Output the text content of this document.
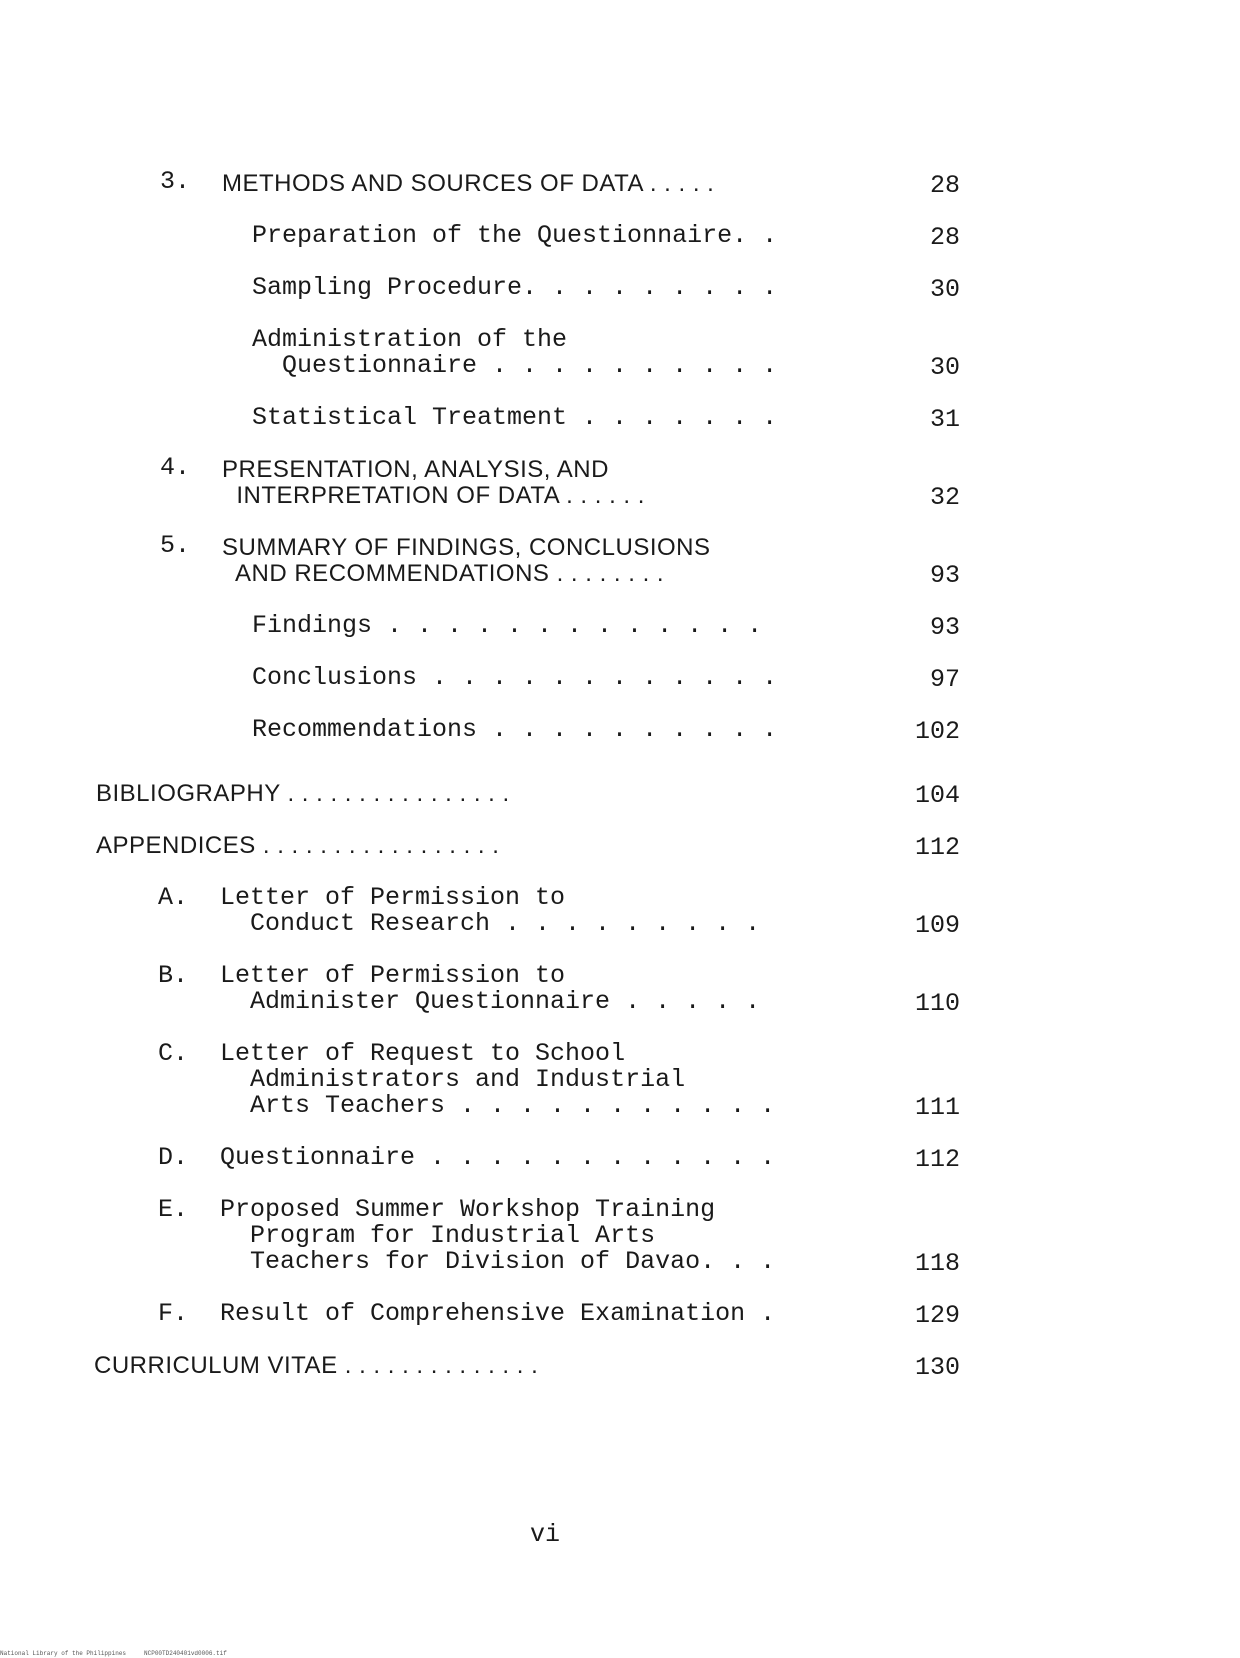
3. METHODS AND SOURCES OF DATA . . . . .	28
Preparation of the Questionnaire. .	28
Sampling Procedure. . . . . . . . .	30
Administration of the
Questionnaire . . . . . . . . . .	30
Statistical Treatment . . . . . . .	31
4. PRESENTATION, ANALYSIS, AND
INTERPRETATION OF DATA . . . . . .	32
5. SUMMARY OF FINDINGS, CONCLUSIONS
AND RECOMMENDATIONS . . . . . . . .	93
Findings . . . . . . . . . . . . .	93
Conclusions . . . . . . . . . . . .	97
Recommendations . . . . . . . . . .	102
BIBLIOGRAPHY . . . . . . . . . . . . . . . .	104
APPENDICES . . . . . . . . . . . . . . . . .	112
A. Letter of Permission to
Conduct Research . . . . . . . . .	109
B. Letter of Permission to
Administer Questionnaire . . . . .	110
C. Letter of Request to School
Administrators and Industrial
Arts Teachers . . . . . . . . . . .	111
D. Questionnaire . . . . . . . . . . . .	112
E. Proposed Summer Workshop Training
Program for Industrial Arts
Teachers for Division of Davao. . .	118
F. Result of Comprehensive Examination .	129
CURRICULUM VITAE . . . . . . . . . . . . . .	130
vi
National Library of the Philippines     NCP00TD240401vd0006.tif
